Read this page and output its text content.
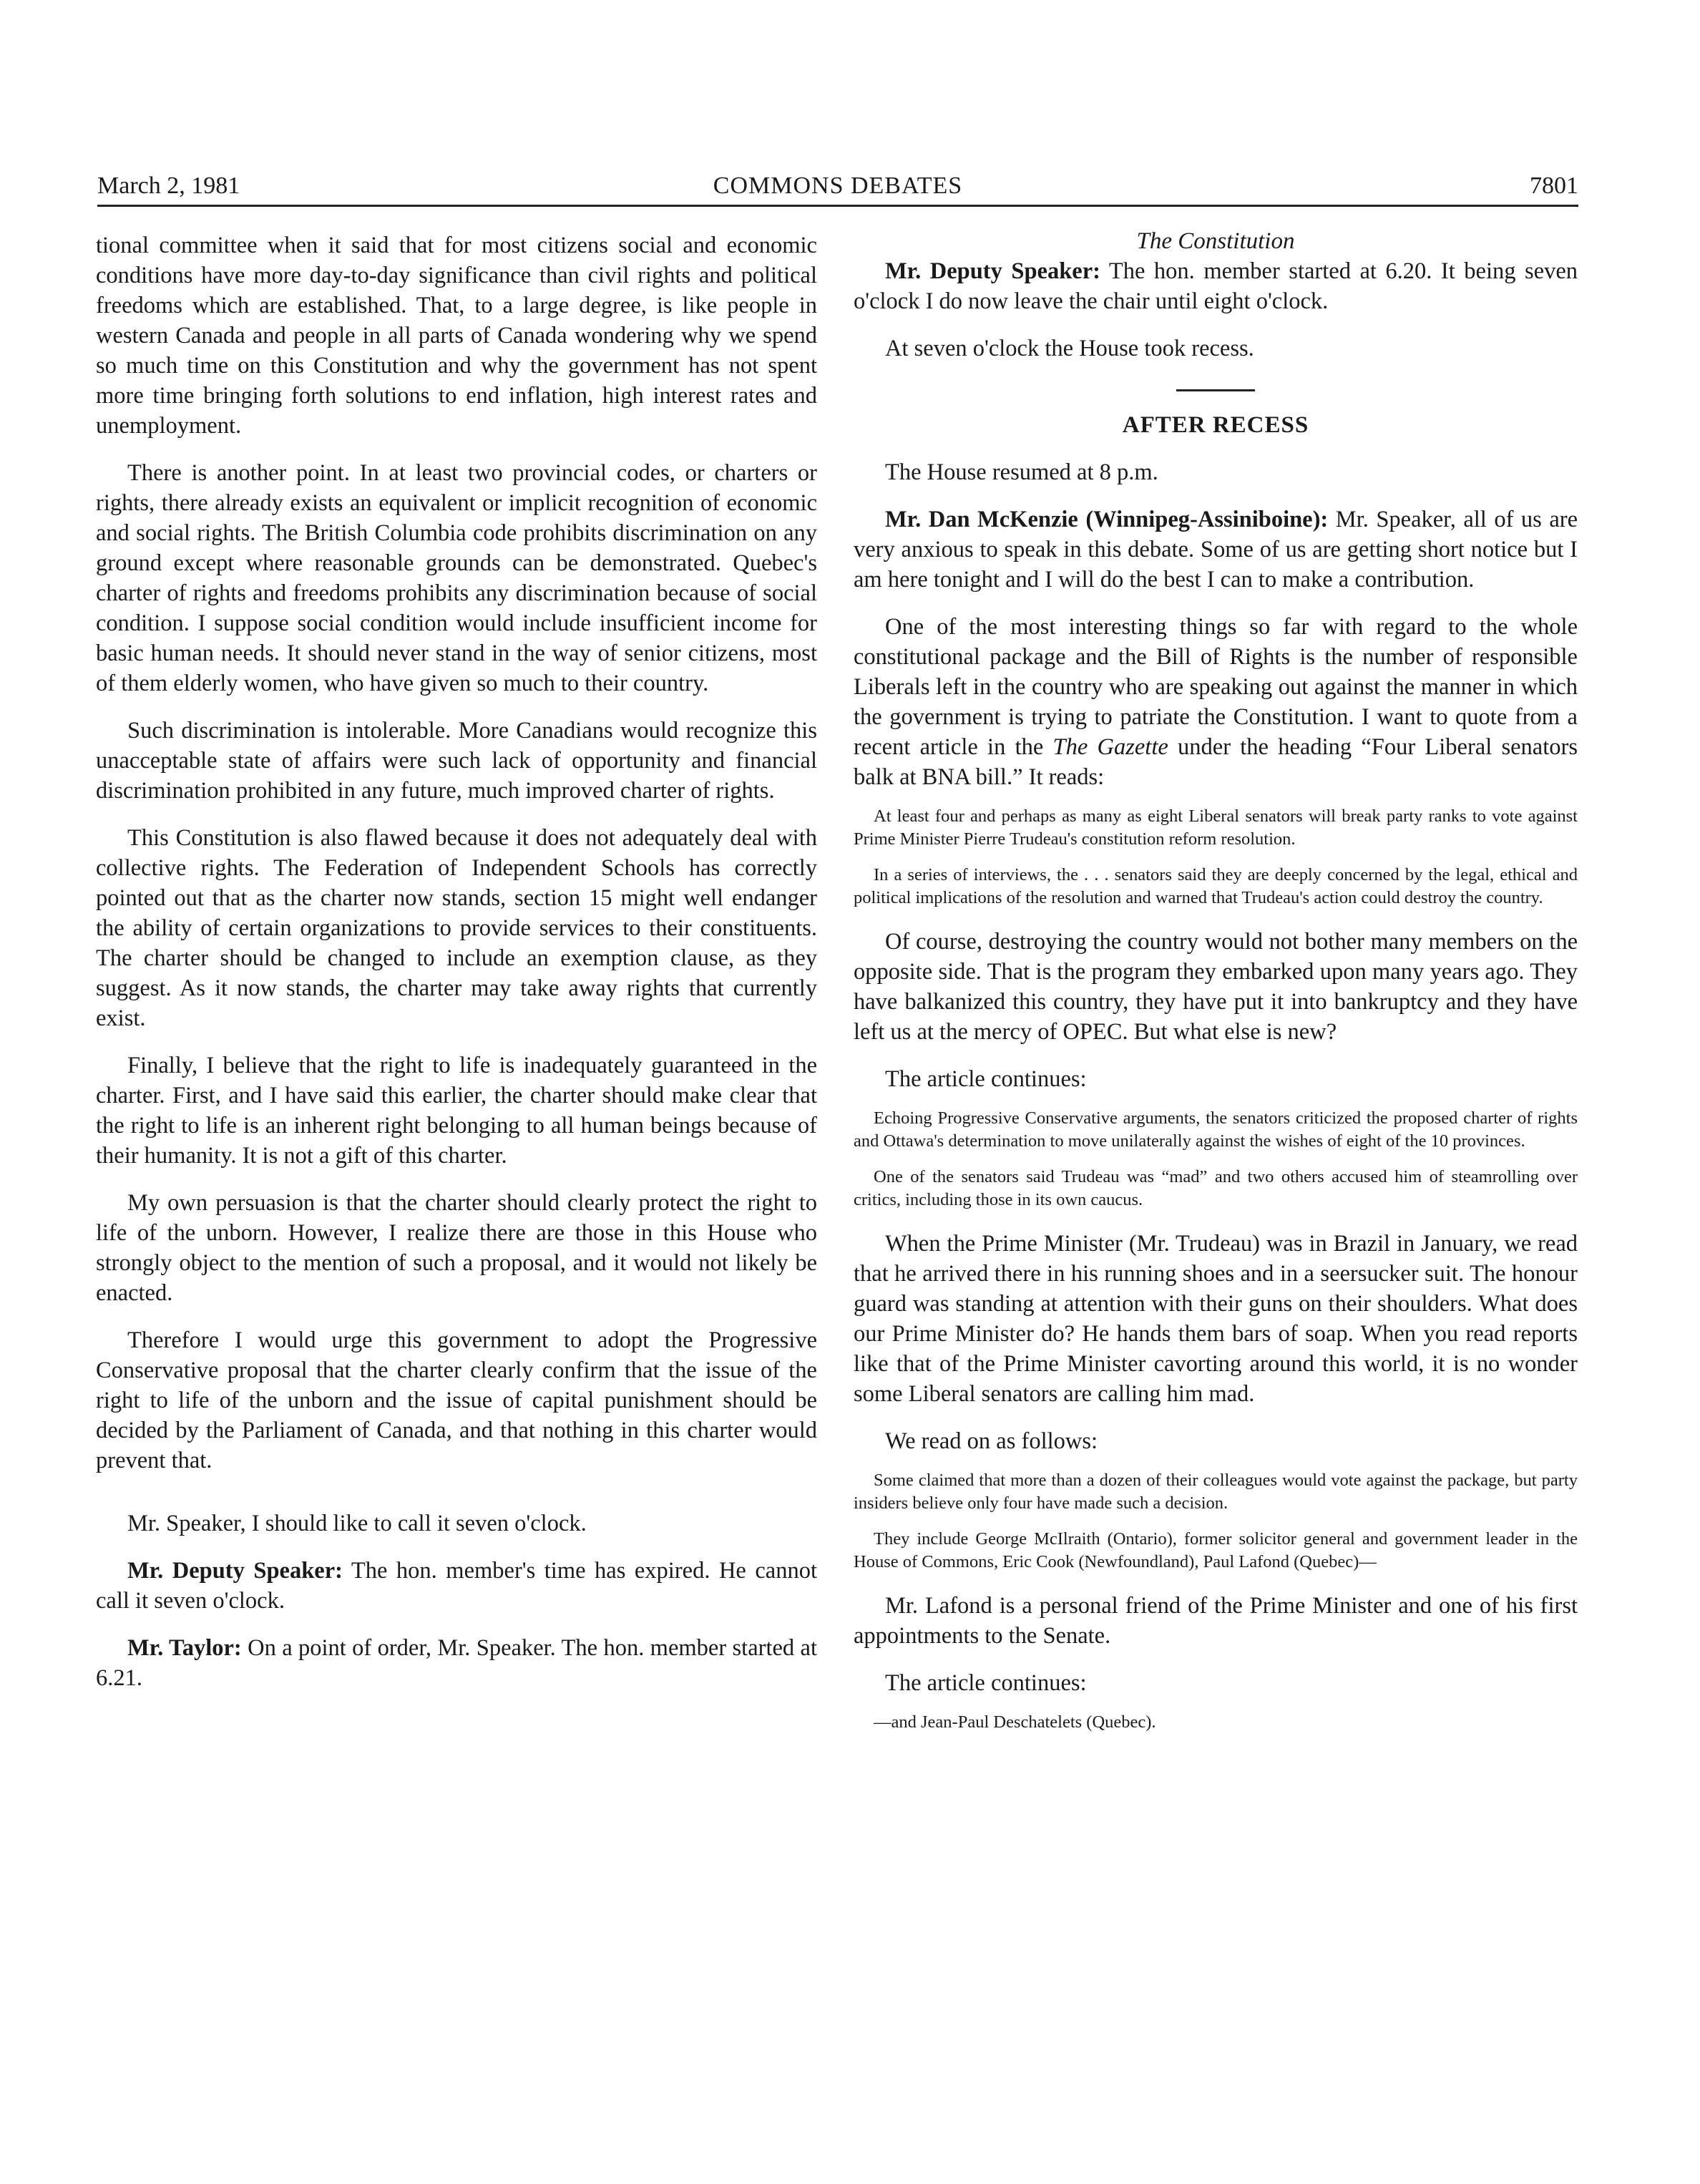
March 2, 1981	COMMONS DEBATES	7801

tional committee when it said that for most citizens social and economic conditions have more day-to-day significance than civil rights and political freedoms which are established. That, to a large degree, is like people in western Canada and people in all parts of Canada wondering why we spend so much time on this Constitution and why the government has not spent more time bringing forth solutions to end inflation, high interest rates and unemployment.

There is another point. In at least two provincial codes, or charters or rights, there already exists an equivalent or implicit recognition of economic and social rights. The British Columbia code prohibits discrimination on any ground except where reasonable grounds can be demonstrated. Quebec's charter of rights and freedoms prohibits any discrimination because of social condition. I suppose social condition would include insufficient income for basic human needs. It should never stand in the way of senior citizens, most of them elderly women, who have given so much to their country.

Such discrimination is intolerable. More Canadians would recognize this unacceptable state of affairs were such lack of opportunity and financial discrimination prohibited in any future, much improved charter of rights.

This Constitution is also flawed because it does not adequately deal with collective rights. The Federation of Independent Schools has correctly pointed out that as the charter now stands, section 15 might well endanger the ability of certain organizations to provide services to their constituents. The charter should be changed to include an exemption clause, as they suggest. As it now stands, the charter may take away rights that currently exist.

Finally, I believe that the right to life is inadequately guaranteed in the charter. First, and I have said this earlier, the charter should make clear that the right to life is an inherent right belonging to all human beings because of their humanity. It is not a gift of this charter.

My own persuasion is that the charter should clearly protect the right to life of the unborn. However, I realize there are those in this House who strongly object to the mention of such a proposal, and it would not likely be enacted.

Therefore I would urge this government to adopt the Progressive Conservative proposal that the charter clearly confirm that the issue of the right to life of the unborn and the issue of capital punishment should be decided by the Parliament of Canada, and that nothing in this charter would prevent that.

Mr. Speaker, I should like to call it seven o'clock.

Mr. Deputy Speaker: The hon. member's time has expired. He cannot call it seven o'clock.

Mr. Taylor: On a point of order, Mr. Speaker. The hon. member started at 6.21.

The Constitution

Mr. Deputy Speaker: The hon. member started at 6.20. It being seven o'clock I do now leave the chair until eight o'clock.

At seven o'clock the House took recess.

AFTER RECESS

The House resumed at 8 p.m.

Mr. Dan McKenzie (Winnipeg-Assiniboine): Mr. Speaker, all of us are very anxious to speak in this debate. Some of us are getting short notice but I am here tonight and I will do the best I can to make a contribution.

One of the most interesting things so far with regard to the whole constitutional package and the Bill of Rights is the number of responsible Liberals left in the country who are speaking out against the manner in which the government is trying to patriate the Constitution. I want to quote from a recent article in the The Gazette under the heading “Four Liberal senators balk at BNA bill.” It reads:

At least four and perhaps as many as eight Liberal senators will break party ranks to vote against Prime Minister Pierre Trudeau's constitution reform resolution.

In a series of interviews, the . . . senators said they are deeply concerned by the legal, ethical and political implications of the resolution and warned that Trudeau's action could destroy the country.

Of course, destroying the country would not bother many members on the opposite side. That is the program they embarked upon many years ago. They have balkanized this country, they have put it into bankruptcy and they have left us at the mercy of OPEC. But what else is new?

The article continues:

Echoing Progressive Conservative arguments, the senators criticized the proposed charter of rights and Ottawa's determination to move unilaterally against the wishes of eight of the 10 provinces.

One of the senators said Trudeau was “mad” and two others accused him of steamrolling over critics, including those in its own caucus.

When the Prime Minister (Mr. Trudeau) was in Brazil in January, we read that he arrived there in his running shoes and in a seersucker suit. The honour guard was standing at attention with their guns on their shoulders. What does our Prime Minister do? He hands them bars of soap. When you read reports like that of the Prime Minister cavorting around this world, it is no wonder some Liberal senators are calling him mad.

We read on as follows:

Some claimed that more than a dozen of their colleagues would vote against the package, but party insiders believe only four have made such a decision.

They include George McIlraith (Ontario), former solicitor general and government leader in the House of Commons, Eric Cook (Newfoundland), Paul Lafond (Quebec)—

Mr. Lafond is a personal friend of the Prime Minister and one of his first appointments to the Senate.

The article continues:

—and Jean-Paul Deschatelets (Quebec).
